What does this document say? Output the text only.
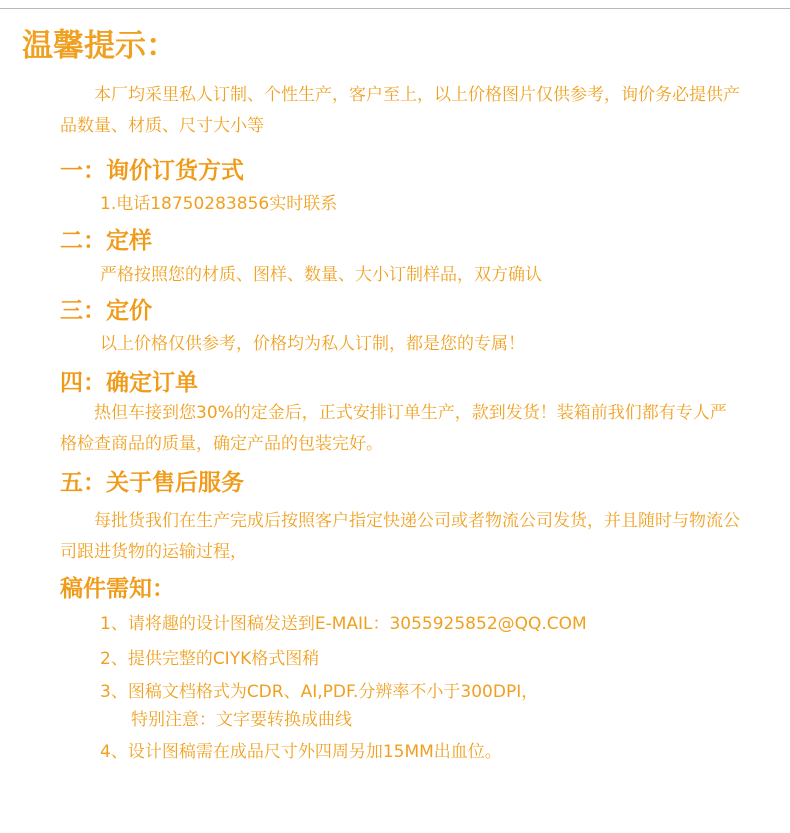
温馨提示：
本厂均采里私人订制、个性生产，客户至上，以上价格图片仅供参考，询价务必提供产品数量、材质、尺寸大小等
一：询价订货方式
1.电话18750283856实时联系
二：定样
严格按照您的材质、图样、数量、大小订制样品，双方确认
三：定价
以上价格仅供参考，价格均为私人订制，都是您的专属！
四：确定订单
热但车接到您30%的定金后，正式安排订单生产，款到发货！装箱前我们都有专人严格检查商品的质量，确定产品的包装完好。
五：关于售后服务
每批货我们在生产完成后按照客户指定快递公司或者物流公司发货，并且随时与物流公司跟进货物的运输过程，
稿件需知：
1、请将趣的设计图稿发送到E-MAIL：3055925852@QQ.COM
2、提供完整的CIYK格式图稍
3、图稿文档格式为CDR、AI,PDF.分辨率不小于300DPI，
特别注意：文字要转换成曲线
4、设计图稿需在成品尺寸外四周另加15MM出血位。
